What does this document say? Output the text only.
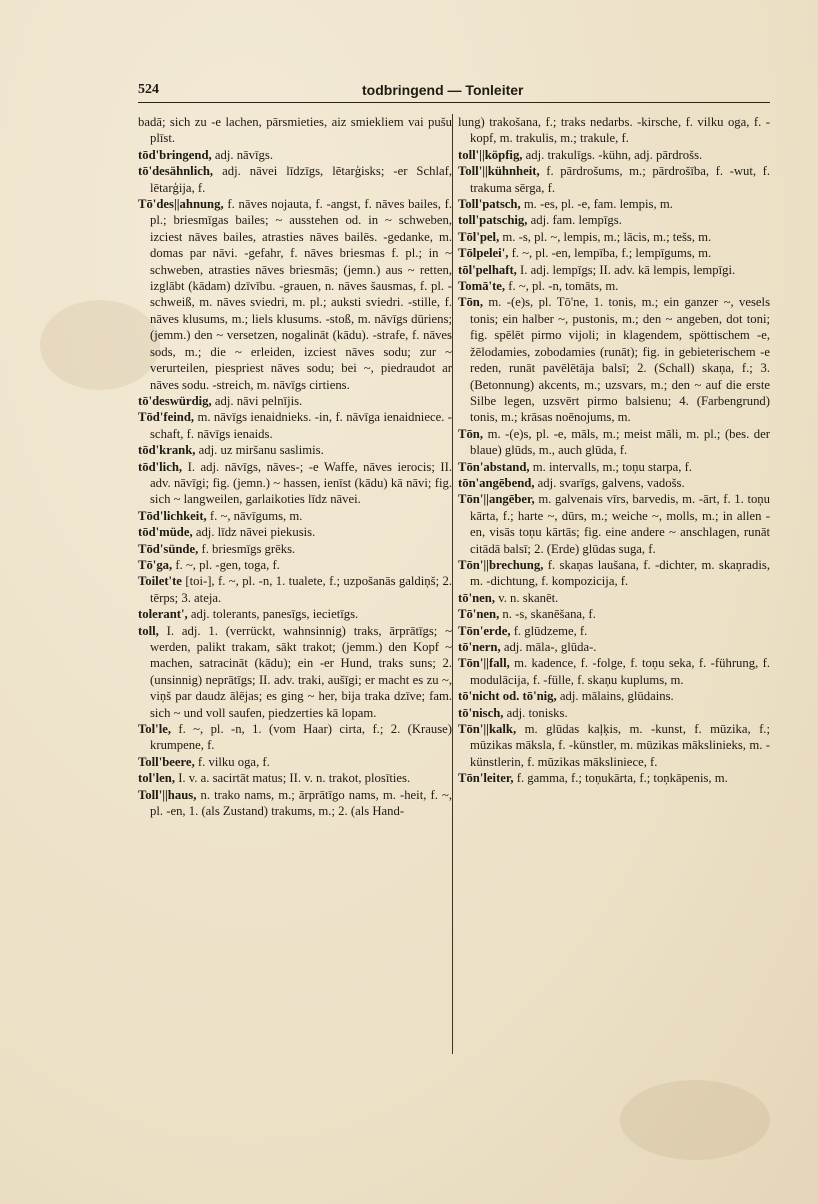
524	todbringend — Tonleiter

badā; sich zu -e lachen, pārsmieties, aiz smiekliem vai pušu plīst.

tōd'bringend, adj. nāvīgs.

tō'desähnlich, adj. nāvei līdzīgs, lētarģisks; -er Schlaf, lētarģija, f.

Tō'des||ahnung, f. nāves nojauta, f. -angst, f. nāves bailes, f. pl.; briesmīgas bailes; ~ ausstehen od. in ~ schweben, izciest nāves bailes, atrasties nāves bailēs. -gedanke, m. domas par nāvi. -gefahr, f. nāves briesmas f. pl.; in ~ schweben, atrasties nāves briesmās; (jemn.) aus ~ retten, izglābt (kādam) dzīvību. -grauen, n. nāves šausmas, f. pl. -schweiß, m. nāves sviedri, m. pl.; auksti sviedri. -stille, f. nāves klusums, m.; liels klusums. -stoß, m. nāvīgs dūriens; (jemm.) den ~ versetzen, nogalināt (kādu). -strafe, f. nāves sods, m.; die ~ erleiden, izciest nāves sodu; zur ~ verurteilen, piespriest nāves sodu; bei ~, piedraudot ar nāves sodu. -streich, m. nāvīgs cirtiens.

tō'deswürdig, adj. nāvi pelnījis.

Tōd'feind, m. nāvīgs ienaidnieks. -in, f. nāvīga ienaidniece. -schaft, f. nāvīgs ienaids.

tōd'krank, adj. uz miršanu saslimis.

tōd'lich, I. adj. nāvīgs, nāves-; -e Waffe, nāves ierocis; II. adv. nāvīgi; fig. (jemn.) ~ hassen, ienīst (kādu) kā nāvi; fig. sich ~ langweilen, garlaikoties līdz nāvei.

Tōd'lichkeit, f. ~, nāvīgums, m.

tōd'müde, adj. līdz nāvei piekusis.

Tōd'sünde, f. briesmīgs grēks.

Tō'ga, f. ~, pl. -gen, toga, f.

Toilet'te [toi-], f. ~, pl. -n, 1. tualete, f.; uzpošanās galdiņš; 2. tērps; 3. ateja.

tolerant', adj. tolerants, panesīgs, iecietīgs.

toll, I. adj. 1. (verrückt, wahnsinnig) traks, ārprātīgs; ~ werden, palikt trakam, sākt trakot; (jemm.) den Kopf ~ machen, satracināt (kādu); ein -er Hund, traks suns; 2. (unsinnig) neprātīgs; II. adv. traki, aušīgi; er macht es zu ~, viņš par daudz ālējas; es ging ~ her, bija traka dzīve; fam. sich ~ und voll saufen, piedzerties kā lopam.

Tol'le, f. ~, pl. -n, 1. (vom Haar) cirta, f.; 2. (Krause) krumpene, f.

Toll'beere, f. vilku oga, f.

tol'len, I. v. a. sacirtāt matus; II. v. n. trakot, plosīties.

Toll'||haus, n. trako nams, m.; ārprātīgo nams, m. -heit, f. ~, pl. -en, 1. (als Zustand) trakums, m.; 2. (als Hand-

lung) trakošana, f.; traks nedarbs. -kirsche, f. vilku oga, f. -kopf, m. trakulis, m.; trakule, f.

toll'||köpfig, adj. trakulīgs. -kühn, adj. pārdrošs.

Toll'||kühnheit, f. pārdrošums, m.; pārdrošība, f. -wut, f. trakuma sērga, f.

Toll'patsch, m. -es, pl. -e, fam. lempis, m.

toll'patschig, adj. fam. lempīgs.

Tōl'pel, m. -s, pl. ~, lempis, m.; lācis, m.; tešs, m.

Tōlpelei', f. ~, pl. -en, lempība, f.; lempīgums, m.

tōl'pelhaft, I. adj. lempīgs; II. adv. kā lempis, lempīgi.

Tomā'te, f. ~, pl. -n, tomāts, m.

Tōn, m. -(e)s, pl. Tō'ne, 1. tonis, m.; ein ganzer ~, vesels tonis; ein halber ~, pustonis, m.; den ~ angeben, dot toni; fig. spēlēt pirmo vijoli; in klagendem, spöttischem -e, žēlodamies, zobodamies (runāt); fig. in gebieterischem -e reden, runāt pavēlētāja balsī; 2. (Schall) skaņa, f.; 3. (Betonnung) akcents, m.; uzsvars, m.; den ~ auf die erste Silbe legen, uzsvērt pirmo balsienu; 4. (Farbengrund) tonis, m.; krāsas noēnojums, m.

Tōn, m. -(e)s, pl. -e, māls, m.; meist māli, m. pl.; (bes. der blaue) glūds, m., auch glūda, f.

Tōn'abstand, m. intervalls, m.; toņu starpa, f.

tōn'angēbend, adj. svarīgs, galvens, vadošs.

Tōn'||angēber, m. galvenais vīrs, barvedis, m. -ārt, f. 1. toņu kārta, f.; harte ~, dūrs, m.; weiche ~, molls, m.; in allen -en, visās toņu kārtās; fig. eine andere ~ anschlagen, runāt citādā balsī; 2. (Erde) glūdas suga, f.

Tōn'||brechung, f. skaņas laušana, f. -dichter, m. skaņradis, m. -dichtung, f. kompozicija, f.

tō'nen, v. n. skanēt.

Tō'nen, n. -s, skanēšana, f.

Tōn'erde, f. glūdzeme, f.

tō'nern, adj. māla-, glūda-.

Tōn'||fall, m. kadence, f. -folge, f. toņu seka, f. -führung, f. modulācija, f. -fülle, f. skaņu kuplums, m.

tō'nicht od. tō'nig, adj. mālains, glūdains.

tō'nisch, adj. tonisks.

Tōn'||kalk, m. glūdas kaļķis, m. -kunst, f. mūzika, f.; mūzikas māksla, f. -künstler, m. mūzikas mākslinieks, m. -künstlerin, f. mūzikas māksliniece, f.

Tōn'leiter, f. gamma, f.; toņukārta, f.; toņkāpenis, m.
